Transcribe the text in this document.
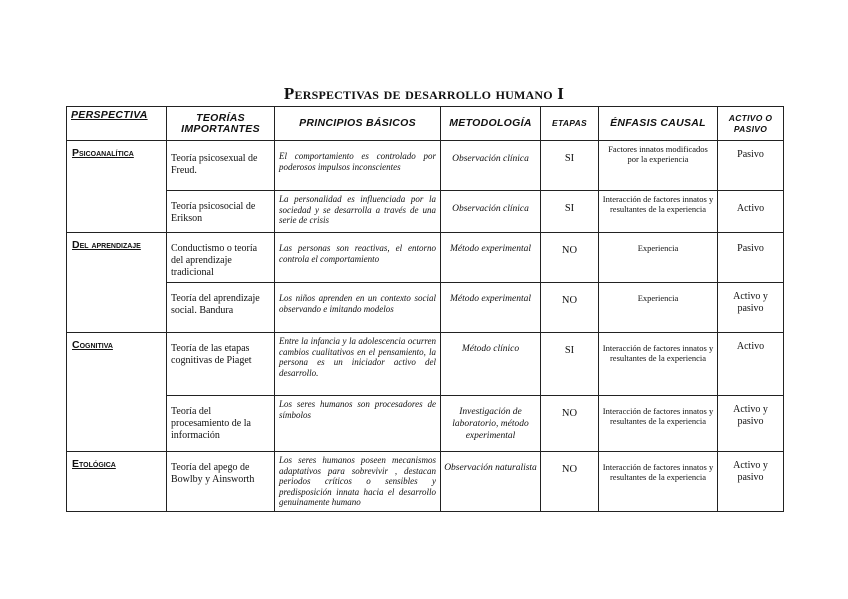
Perspectivas de desarrollo humano I
PERSPECTIVA	TEORÍAS IMPORTANTES	PRINCIPIOS BÁSICOS	METODOLOGÍA	ETAPAS	ÉNFASIS CAUSAL	ACTIVO O PASIVO
Psicoanalítica	Teoría psicosexual de Freud.	El comportamiento es controlado por poderosos impulsos inconscientes	Observación clínica	SI	Factores innatos modificados por la experiencia	Pasivo
	Teoría psicosocial de Erikson	La personalidad es influenciada por la sociedad y se desarrolla a través de una serie de crisis	Observación clínica	SI	Interacción de factores innatos y resultantes de la experiencia	Activo
Del aprendizaje	Conductismo o teoría del aprendizaje tradicional	Las personas son reactivas, el entorno controla el comportamiento	Método experimental	NO	Experiencia	Pasivo
	Teoría del aprendizaje social. Bandura	Los niños aprenden en un contexto social observando e imitando modelos	Método experimental	NO	Experiencia	Activo y pasivo
Cognitiva	Teoría de las etapas cognitivas de Piaget	Entre la infancia y la adolescencia ocurren cambios cualitativos en el pensamiento, la persona es un iniciador activo del desarrollo.	Método clínico	SI	Interacción de factores innatos y resultantes de la experiencia	Activo
	Teoría del procesamiento de la información	Los seres humanos son procesadores de símbolos	Investigación de laboratorio, método experimental	NO	Interacción de factores innatos y resultantes de la experiencia	Activo y pasivo
Etológica	Teoría del apego de Bowlby y Ainsworth	Los seres humanos poseen mecanismos adaptativos para sobrevivir , destacan periodos críticos o sensibles y predisposición innata hacia el desarrollo genuinamente humano	Observación naturalista	NO	Interacción de factores innatos y resultantes de la experiencia	Activo y pasivo
